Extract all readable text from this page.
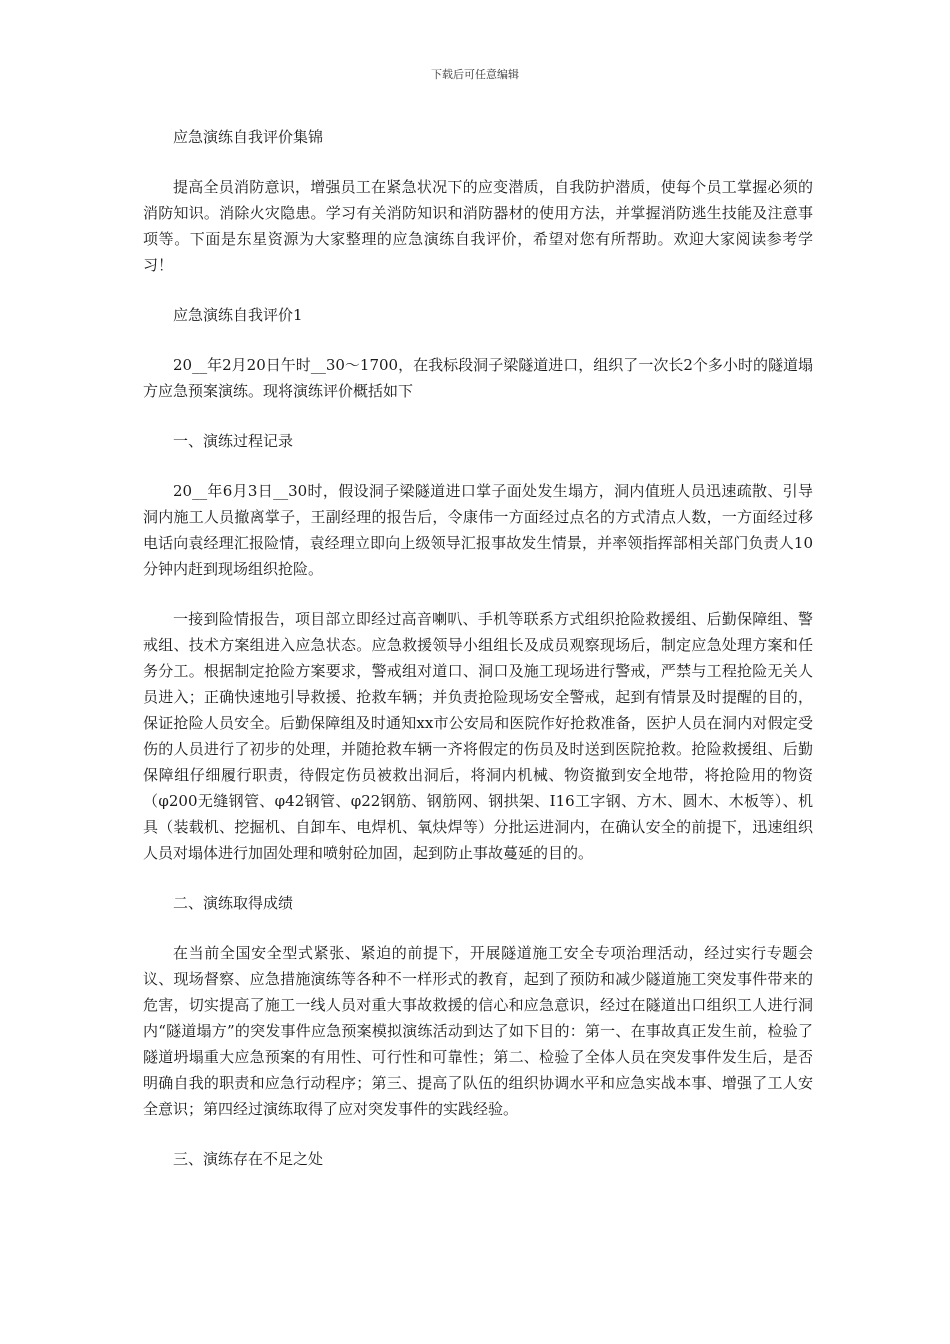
下载后可任意编辑

应急演练自我评价集锦

提高全员消防意识，增强员工在紧急状况下的应变潜质，自我防护潜质，使每个员工掌握必须的消防知识。消除火灾隐患。学习有关消防知识和消防器材的使用方法，并掌握消防逃生技能及注意事项等。下面是东星资源为大家整理的应急演练自我评价，希望对您有所帮助。欢迎大家阅读参考学习！

应急演练自我评价1

20__年2月20日午时__30～1700，在我标段洞子梁隧道进口，组织了一次长2个多小时的隧道塌方应急预案演练。现将演练评价概括如下

一、演练过程记录

20__年6月3日__30时，假设洞子梁隧道进口掌子面处发生塌方，洞内值班人员迅速疏散、引导洞内施工人员撤离掌子，王副经理的报告后，令康伟一方面经过点名的方式清点人数，一方面经过移电话向袁经理汇报险情，袁经理立即向上级领导汇报事故发生情景，并率领指挥部相关部门负责人10分钟内赶到现场组织抢险。

一接到险情报告，项目部立即经过高音喇叭、手机等联系方式组织抢险救援组、后勤保障组、警戒组、技术方案组进入应急状态。应急救援领导小组组长及成员观察现场后，制定应急处理方案和任务分工。根据制定抢险方案要求，警戒组对道口、洞口及施工现场进行警戒，严禁与工程抢险无关人员进入；正确快速地引导救援、抢救车辆；并负责抢险现场安全警戒，起到有情景及时提醒的目的，保证抢险人员安全。后勤保障组及时通知xx市公安局和医院作好抢救准备，医护人员在洞内对假定受伤的人员进行了初步的处理，并随抢救车辆一齐将假定的伤员及时送到医院抢救。抢险救援组、后勤保障组仔细履行职责，待假定伤员被救出洞后，将洞内机械、物资撤到安全地带，将抢险用的物资（φ200无缝钢管、φ42钢管、φ22钢筋、钢筋网、钢拱架、I16工字钢、方木、圆木、木板等）、机具（装载机、挖掘机、自卸车、电焊机、氧炔焊等）分批运进洞内，在确认安全的前提下，迅速组织人员对塌体进行加固处理和喷射砼加固，起到防止事故蔓延的目的。

二、演练取得成绩

在当前全国安全型式紧张、紧迫的前提下，开展隧道施工安全专项治理活动，经过实行专题会议、现场督察、应急措施演练等各种不一样形式的教育，起到了预防和减少隧道施工突发事件带来的危害，切实提高了施工一线人员对重大事故救援的信心和应急意识，经过在隧道出口组织工人进行洞内“隧道塌方”的突发事件应急预案模拟演练活动到达了如下目的：第一、在事故真正发生前，检验了隧道坍塌重大应急预案的有用性、可行性和可靠性；第二、检验了全体人员在突发事件发生后，是否明确自我的职责和应急行动程序；第三、提高了队伍的组织协调水平和应急实战本事、增强了工人安全意识；第四经过演练取得了应对突发事件的实践经验。

三、演练存在不足之处
